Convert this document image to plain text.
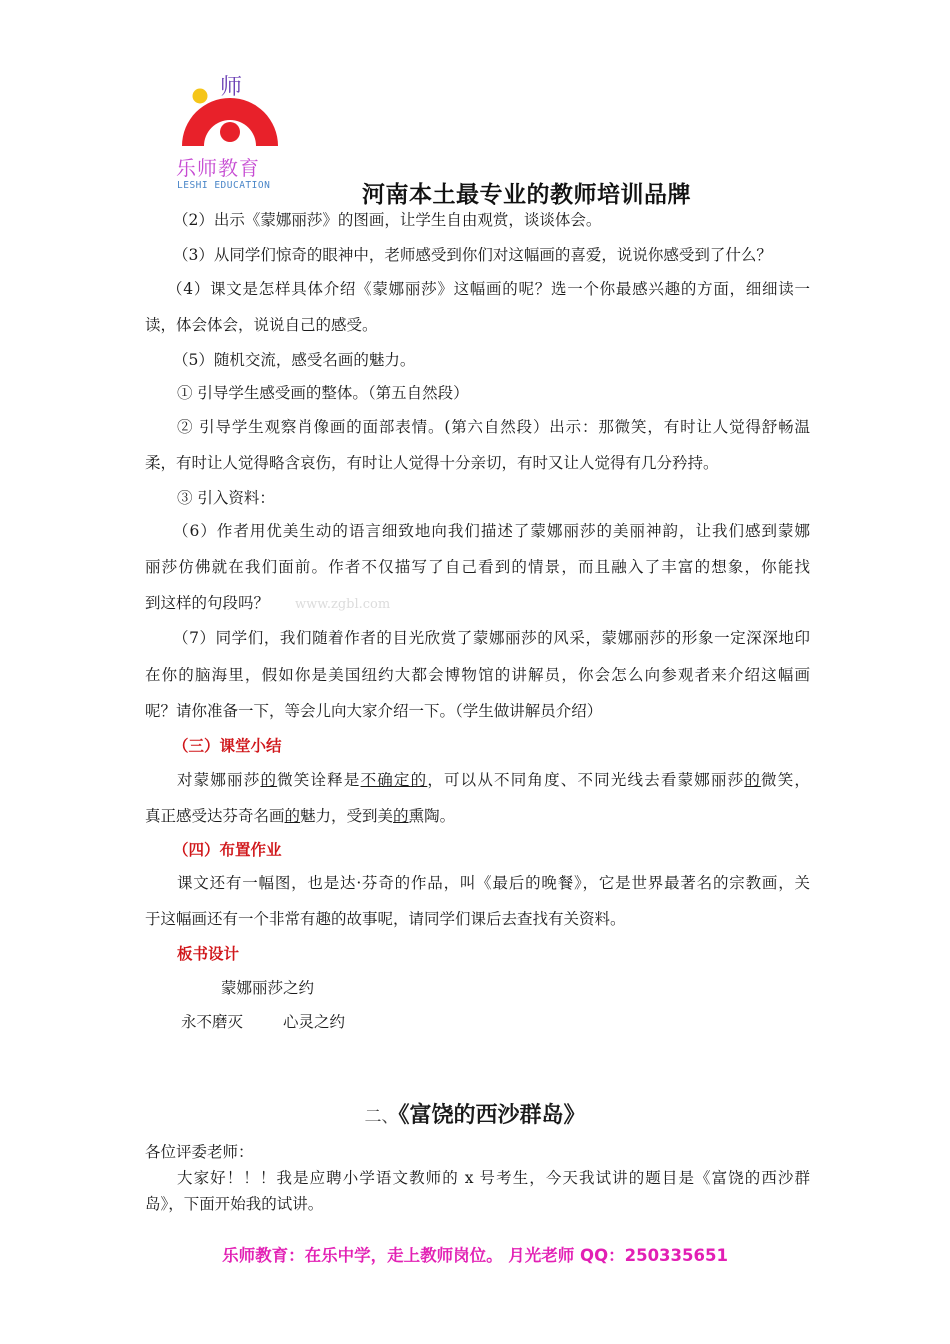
师
乐师教育
LESHI EDUCATION	河南本土最专业的教师培训品牌
（2）出示《蒙娜丽莎》的图画，让学生自由观赏，谈谈体会。
（3）从同学们惊奇的眼神中，老师感受到你们对这幅画的喜爱，说说你感受到了什么？
（4）课文是怎样具体介绍《蒙娜丽莎》这幅画的呢？选一个你最感兴趣的方面，细细读一
读，体会体会，说说自己的感受。
（5）随机交流，感受名画的魅力。
① 引导学生感受画的整体。（第五自然段）
② 引导学生观察肖像画的面部表情。(第六自然段）出示：那微笑，有时让人觉得舒畅温
柔，有时让人觉得略含哀伤，有时让人觉得十分亲切，有时又让人觉得有几分矜持。
③ 引入资料：
（6）作者用优美生动的语言细致地向我们描述了蒙娜丽莎的美丽神韵，让我们感到蒙娜
丽莎仿佛就在我们面前。作者不仅描写了自己看到的情景，而且融入了丰富的想象，你能找
到这样的句段吗？ www.zgbl.com
（7）同学们，我们随着作者的目光欣赏了蒙娜丽莎的风采，蒙娜丽莎的形象一定深深地印
在你的脑海里，假如你是美国纽约大都会博物馆的讲解员，你会怎么向参观者来介绍这幅画
呢？请你准备一下，等会儿向大家介绍一下。（学生做讲解员介绍）
（三）课堂小结
对蒙娜丽莎的微笑诠释是不确定的，可以从不同角度、不同光线去看蒙娜丽莎的微笑，
真正感受达芬奇名画的魅力，受到美的熏陶。
（四）布置作业
课文还有一幅图，也是达·芬奇的作品，叫《最后的晚餐》，它是世界最著名的宗教画，关
于这幅画还有一个非常有趣的故事呢，请同学们课后去查找有关资料。
板书设计
蒙娜丽莎之约
永不磨灭	心灵之约
二、《富饶的西沙群岛》
各位评委老师：
大家好！！！我是应聘小学语文教师的 x 号考生，今天我试讲的题目是《富饶的西沙群
岛》，下面开始我的试讲。
乐师教育：在乐中学，走上教师岗位。 月光老师 QQ：250335651
